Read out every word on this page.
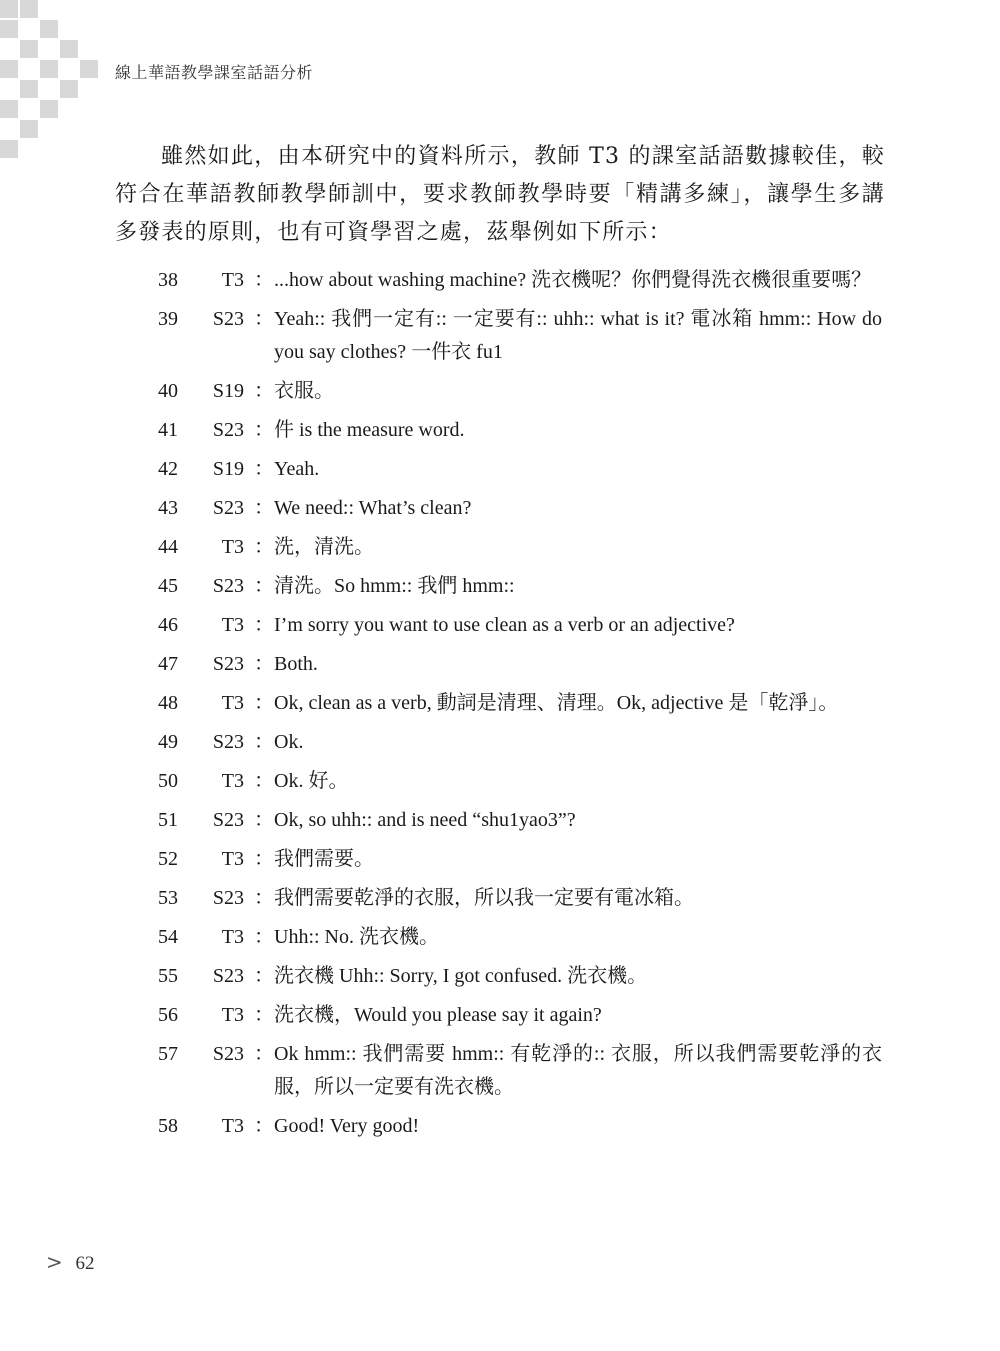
線上華語教學課室話語分析
雖然如此，由本研究中的資料所示，教師 T3 的課室話語數據較佳，較符合在華語教師教學師訓中，要求教師教學時要「精講多練」，讓學生多講多發表的原則，也有可資學習之處，茲舉例如下所示：
38	T3 ： ...how about washing machine? 洗衣機呢？你們覺得洗衣機很重要嗎？
39	S23 ： Yeah:: 我們一定有:: 一定要有:: uhh:: what is it? 電冰箱 hmm:: How do you say clothes? 一件衣 fu1
40	S19 ： 衣服。
41	S23 ： 件 is the measure word.
42	S19 ： Yeah.
43	S23 ： We need:: What’s clean?
44	T3 ： 洗，清洗。
45	S23 ： 清洗。So hmm:: 我們 hmm::
46	T3 ： I’m sorry you want to use clean as a verb or an adjective?
47	S23 ： Both.
48	T3 ： Ok, clean as a verb, 動詞是清理、清理。Ok, adjective 是「乾淨」。
49	S23 ： Ok.
50	T3 ： Ok. 好。
51	S23 ： Ok, so uhh:: and is need “shu1yao3”?
52	T3 ： 我們需要。
53	S23 ： 我們需要乾淨的衣服，所以我一定要有電冰箱。
54	T3 ： Uhh:: No. 洗衣機。
55	S23 ： 洗衣機 Uhh:: Sorry, I got confused. 洗衣機。
56	T3 ： 洗衣機，Would you please say it again?
57	S23 ： Ok hmm:: 我們需要 hmm:: 有乾淨的:: 衣服，所以我們需要乾淨的衣服，所以一定要有洗衣機。
58	T3 ： Good! Very good!
> 62
